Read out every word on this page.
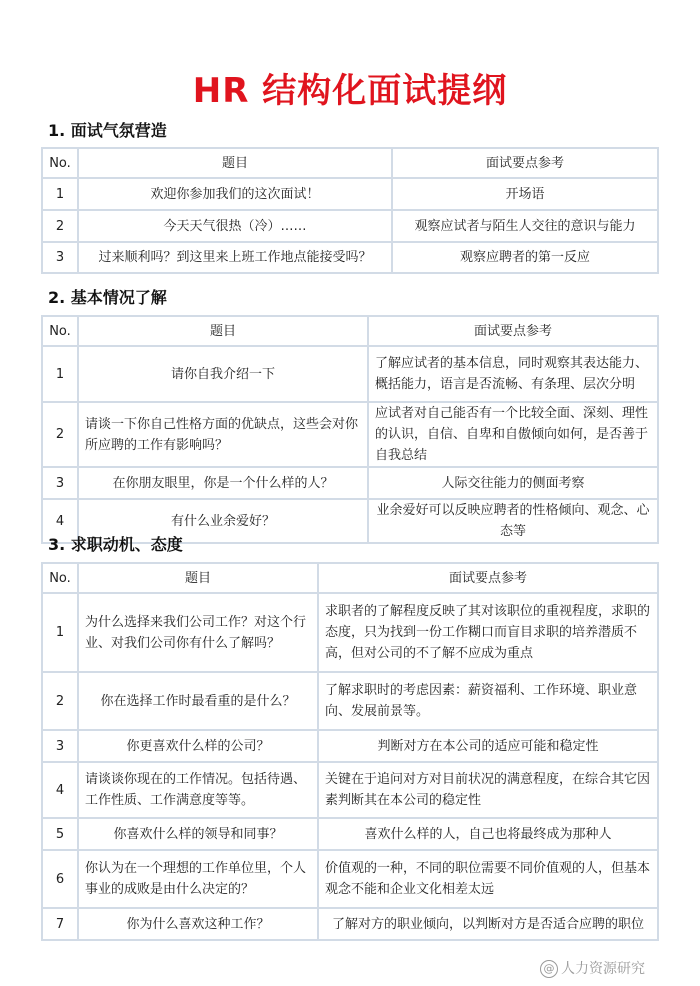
HR 结构化面试提纲
1. 面试气氛营造
No.	题目	面试要点参考
1	欢迎你参加我们的这次面试！	开场语
2	今天天气很热（冷）……	观察应试者与陌生人交往的意识与能力
3	过来顺利吗？到这里来上班工作地点能接受吗？	观察应聘者的第一反应
2. 基本情况了解
No.	题目	面试要点参考
1	请你自我介绍一下	了解应试者的基本信息，同时观察其表达能力、概括能力，语言是否流畅、有条理、层次分明
2	请谈一下你自己性格方面的优缺点，这些会对你所应聘的工作有影响吗？	应试者对自己能否有一个比较全面、深刻、理性的认识，自信、自卑和自傲倾向如何，是否善于自我总结
3	在你朋友眼里，你是一个什么样的人？	人际交往能力的侧面考察
4	有什么业余爱好？	业余爱好可以反映应聘者的性格倾向、观念、心态等
3. 求职动机、态度
No.	题目	面试要点参考
1	为什么选择来我们公司工作？对这个行业、对我们公司你有什么了解吗？	求职者的了解程度反映了其对该职位的重视程度，求职的态度，只为找到一份工作糊口而盲目求职的培养潜质不高，但对公司的不了解不应成为重点
2	你在选择工作时最看重的是什么？	了解求职时的考虑因素：薪资福利、工作环境、职业意向、发展前景等。
3	你更喜欢什么样的公司？	判断对方在本公司的适应可能和稳定性
4	请谈谈你现在的工作情况。包括待遇、工作性质、工作满意度等等。	关键在于追问对方对目前状况的满意程度，在综合其它因素判断其在本公司的稳定性
5	你喜欢什么样的领导和同事？	喜欢什么样的人，自己也将最终成为那种人
6	你认为在一个理想的工作单位里，个人事业的成败是由什么决定的？	价值观的一种，不同的职位需要不同价值观的人，但基本观念不能和企业文化相差太远
7	你为什么喜欢这种工作？	了解对方的职业倾向，以判断对方是否适合应聘的职位
@ 人力资源研究
